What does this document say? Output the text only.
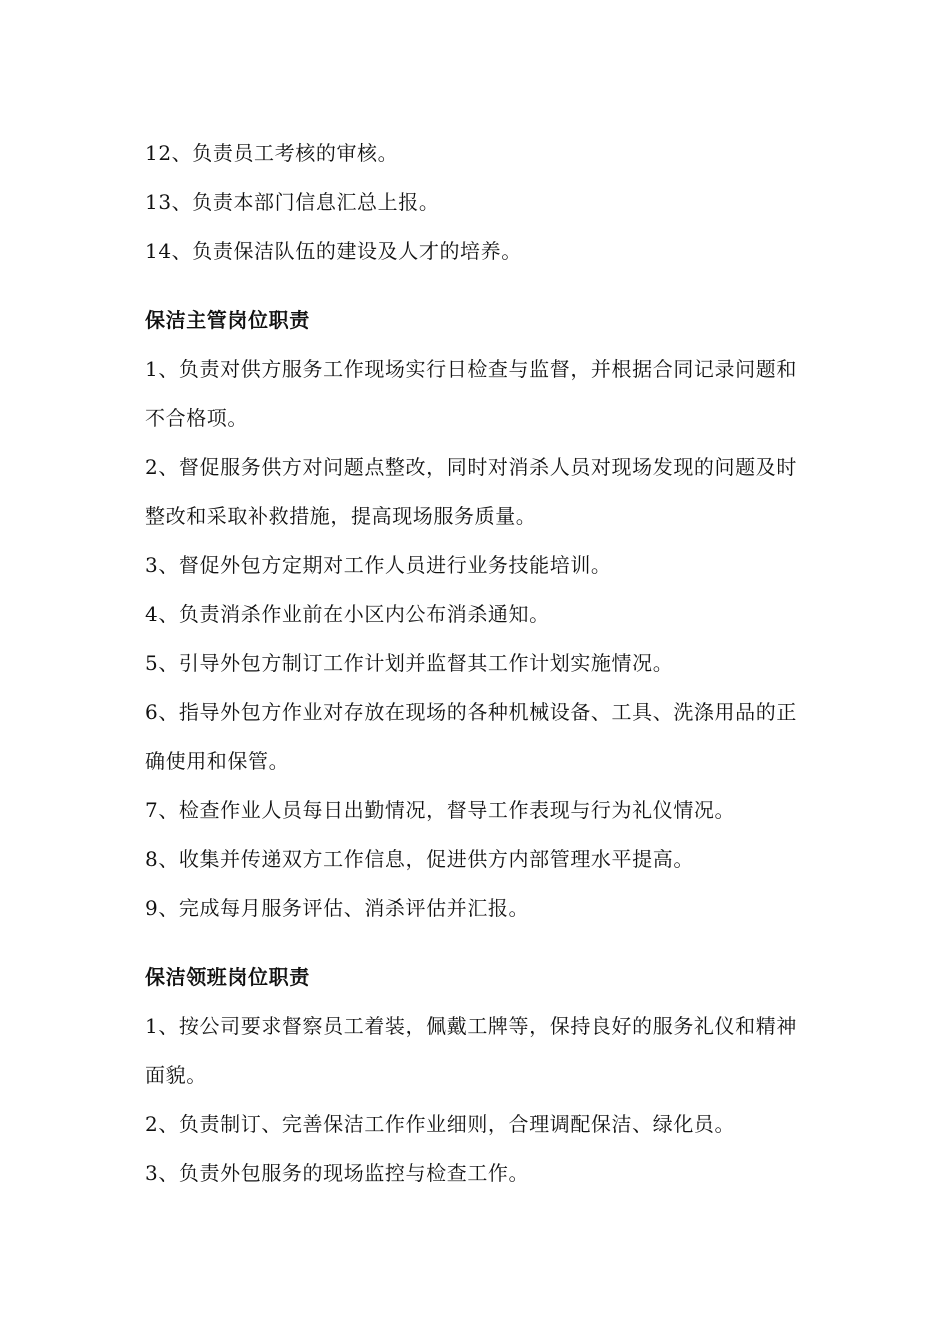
12、负责员工考核的审核。

13、负责本部门信息汇总上报。

14、负责保洁队伍的建设及人才的培养。

保洁主管岗位职责

1、负责对供方服务工作现场实行日检查与监督，并根据合同记录问题和不合格项。

2、督促服务供方对问题点整改，同时对消杀人员对现场发现的问题及时整改和采取补救措施，提高现场服务质量。

3、督促外包方定期对工作人员进行业务技能培训。

4、负责消杀作业前在小区内公布消杀通知。

5、引导外包方制订工作计划并监督其工作计划实施情况。

6、指导外包方作业对存放在现场的各种机械设备、工具、洗涤用品的正确使用和保管。

7、检查作业人员每日出勤情况，督导工作表现与行为礼仪情况。

8、收集并传递双方工作信息，促进供方内部管理水平提高。

9、完成每月服务评估、消杀评估并汇报。

保洁领班岗位职责

1、按公司要求督察员工着装，佩戴工牌等，保持良好的服务礼仪和精神面貌。

2、负责制订、完善保洁工作作业细则，合理调配保洁、绿化员。

3、负责外包服务的现场监控与检查工作。
